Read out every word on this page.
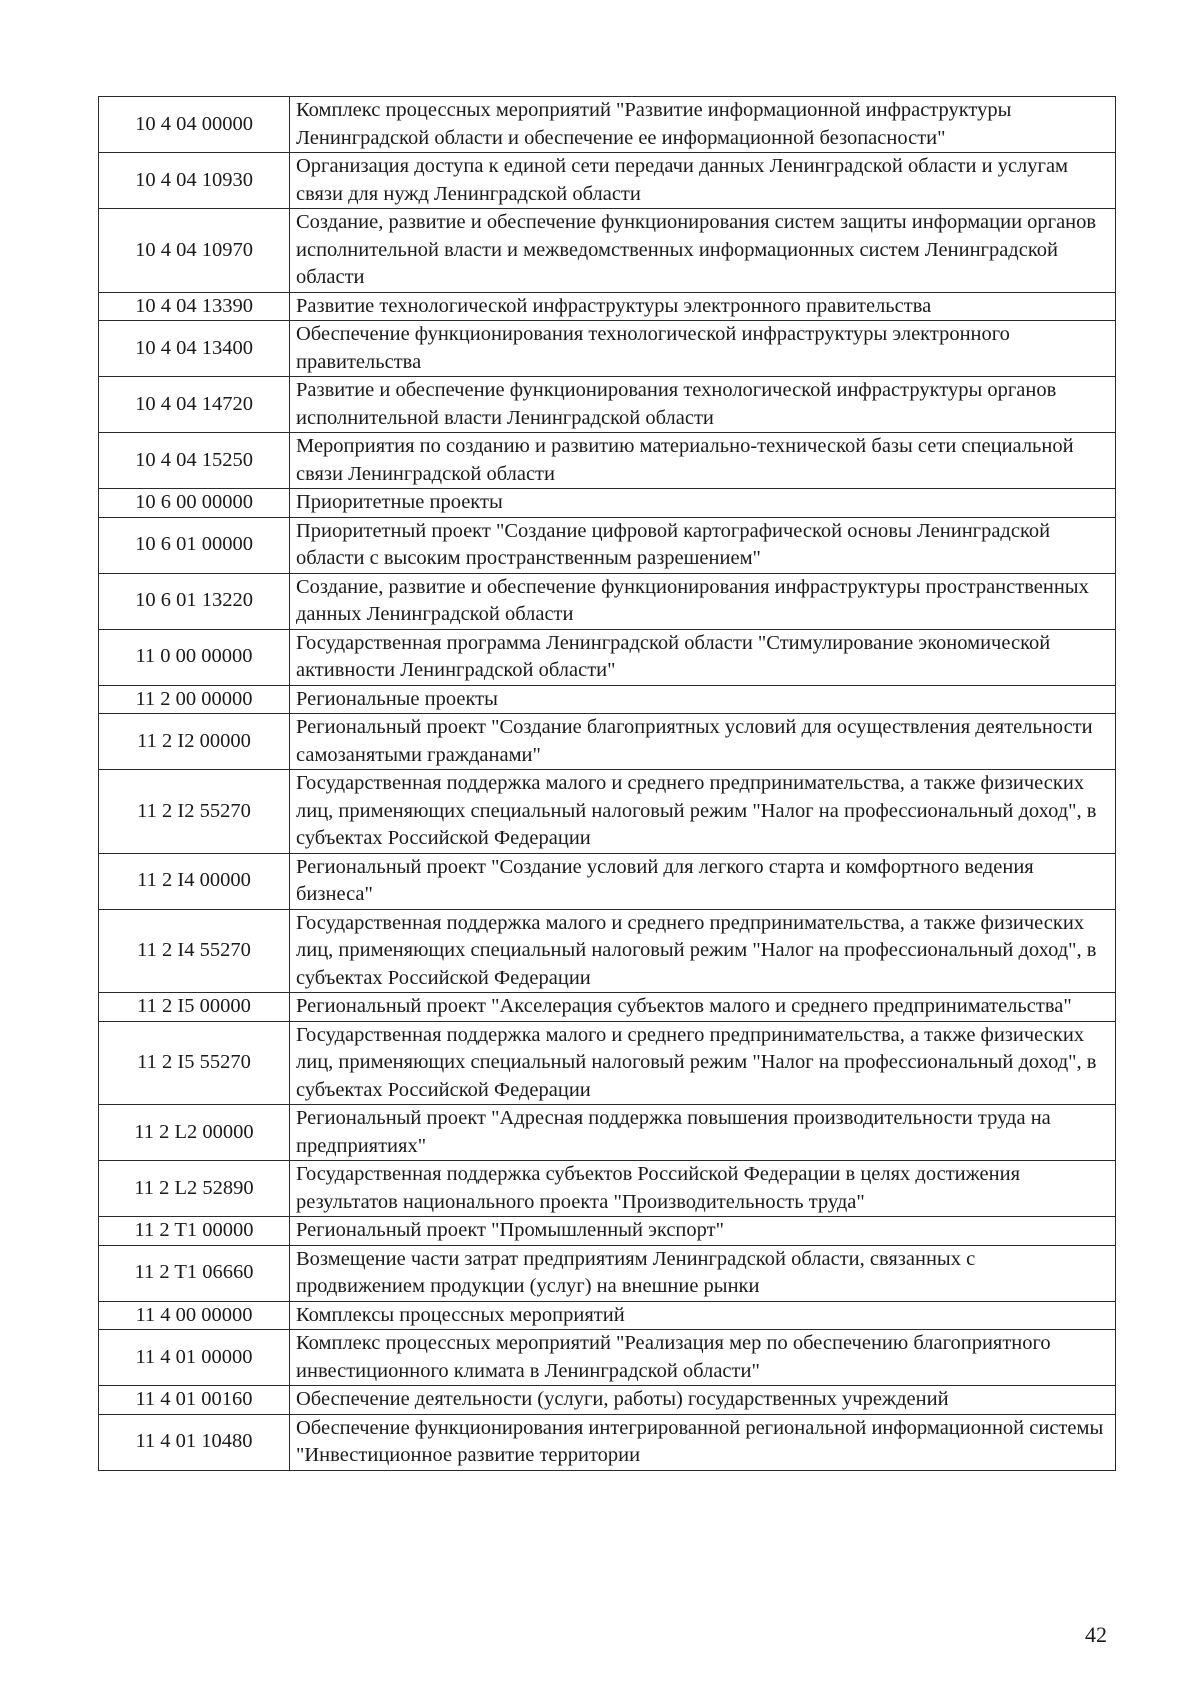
10 4 04 00000	Комплекс процессных мероприятий "Развитие информационной инфраструктуры Ленинградской области и обеспечение ее информационной безопасности"
10 4 04 10930	Организация доступа к единой сети передачи данных Ленинградской области и услугам связи для нужд Ленинградской области
10 4 04 10970	Создание, развитие и обеспечение функционирования систем защиты информации органов исполнительной власти и межведомственных информационных систем Ленинградской области
10 4 04 13390	Развитие технологической инфраструктуры электронного правительства
10 4 04 13400	Обеспечение функционирования технологической инфраструктуры электронного правительства
10 4 04 14720	Развитие и обеспечение функционирования технологической инфраструктуры органов исполнительной власти Ленинградской области
10 4 04 15250	Мероприятия по созданию и развитию материально-технической базы сети специальной связи Ленинградской области
10 6 00 00000	Приоритетные проекты
10 6 01 00000	Приоритетный проект "Создание цифровой картографической основы Ленинградской области с высоким пространственным разрешением"
10 6 01 13220	Создание, развитие и обеспечение функционирования инфраструктуры пространственных данных Ленинградской области
11 0 00 00000	Государственная программа Ленинградской области "Стимулирование экономической активности Ленинградской области"
11 2 00 00000	Региональные проекты
11 2 I2 00000	Региональный проект "Создание благоприятных условий для осуществления деятельности самозанятыми гражданами"
11 2 I2 55270	Государственная поддержка малого и среднего предпринимательства, а также физических лиц, применяющих специальный налоговый режим "Налог на профессиональный доход", в субъектах Российской Федерации
11 2 I4 00000	Региональный проект "Создание условий для легкого старта и комфортного ведения бизнеса"
11 2 I4 55270	Государственная поддержка малого и среднего предпринимательства, а также физических лиц, применяющих специальный налоговый режим "Налог на профессиональный доход", в субъектах Российской Федерации
11 2 I5 00000	Региональный проект "Акселерация субъектов малого и среднего предпринимательства"
11 2 I5 55270	Государственная поддержка малого и среднего предпринимательства, а также физических лиц, применяющих специальный налоговый режим "Налог на профессиональный доход", в субъектах Российской Федерации
11 2 L2 00000	Региональный проект "Адресная поддержка повышения производительности труда на предприятиях"
11 2 L2 52890	Государственная поддержка субъектов Российской Федерации в целях достижения результатов национального проекта "Производительность труда"
11 2 T1 00000	Региональный проект "Промышленный экспорт"
11 2 T1 06660	Возмещение части затрат предприятиям Ленинградской области, связанных с продвижением продукции (услуг) на внешние рынки
11 4 00 00000	Комплексы процессных мероприятий
11 4 01 00000	Комплекс процессных мероприятий "Реализация мер по обеспечению благоприятного инвестиционного климата в Ленинградской области"
11 4 01 00160	Обеспечение деятельности (услуги, работы) государственных учреждений
11 4 01 10480	Обеспечение функционирования интегрированной региональной информационной системы "Инвестиционное развитие территории
42
